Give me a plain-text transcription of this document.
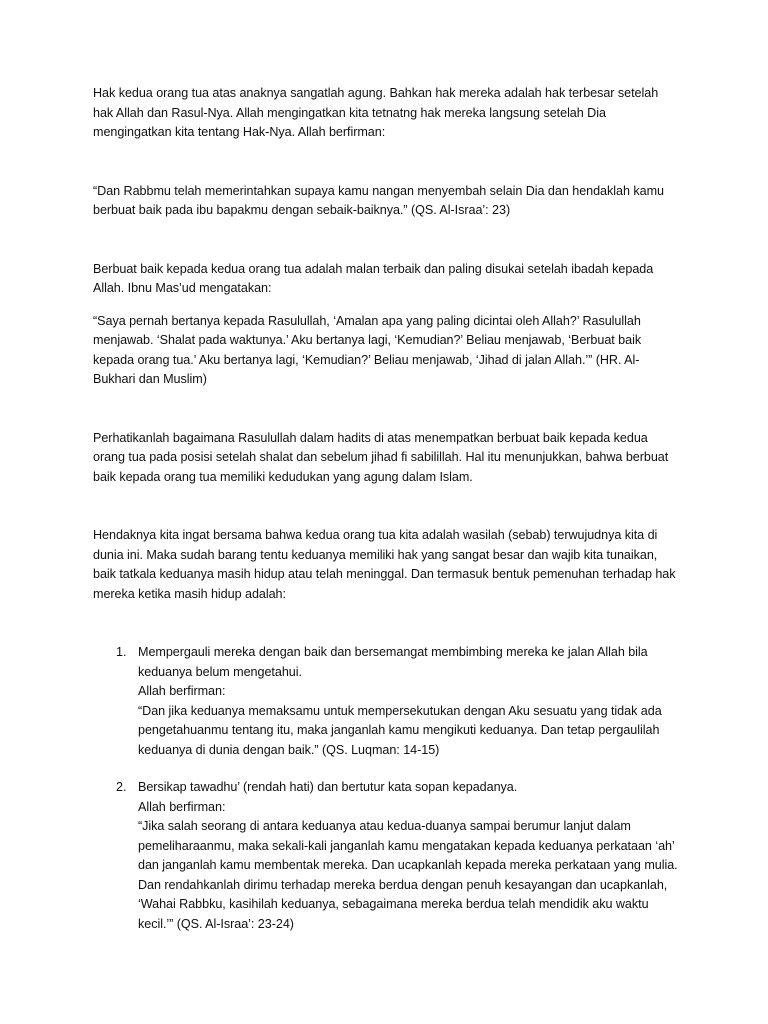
Hak kedua orang tua atas anaknya sangatlah agung. Bahkan hak mereka adalah hak terbesar setelah hak Allah dan Rasul-Nya. Allah mengingatkan kita tetnatng hak mereka langsung setelah Dia mengingatkan kita tentang Hak-Nya. Allah berfirman:

“Dan Rabbmu telah memerintahkan supaya kamu nangan menyembah selain Dia dan hendaklah kamu berbuat baik pada ibu bapakmu dengan sebaik-baiknya.” (QS. Al-Israa’: 23)

Berbuat baik kepada kedua orang tua adalah malan terbaik dan paling disukai setelah ibadah kepada Allah. Ibnu Mas’ud mengatakan:

“Saya pernah bertanya kepada Rasulullah, ‘Amalan apa yang paling dicintai oleh Allah?’ Rasulullah menjawab. ‘Shalat pada waktunya.’ Aku bertanya lagi, ‘Kemudian?’ Beliau menjawab, ‘Berbuat baik kepada orang tua.’ Aku bertanya lagi, ‘Kemudian?’ Beliau menjawab, ‘Jihad di jalan Allah.’” (HR. Al-Bukhari dan Muslim)

Perhatikanlah bagaimana Rasulullah dalam hadits di atas menempatkan berbuat baik kepada kedua orang tua pada posisi setelah shalat dan sebelum jihad fi sabilillah. Hal itu menunjukkan, bahwa berbuat baik kepada orang tua memiliki kedudukan yang agung dalam Islam.

Hendaknya kita ingat bersama bahwa kedua orang tua kita adalah wasilah (sebab) terwujudnya kita di dunia ini. Maka sudah barang tentu keduanya memiliki hak yang sangat besar dan wajib kita tunaikan, baik tatkala keduanya masih hidup atau telah meninggal. Dan termasuk bentuk pemenuhan terhadap hak mereka ketika masih hidup adalah:

1. Mempergauli mereka dengan baik dan bersemangat membimbing mereka ke jalan Allah bila keduanya belum mengetahui.
Allah berfirman:
“Dan jika keduanya memaksamu untuk mempersekutukan dengan Aku sesuatu yang tidak ada pengetahuanmu tentang itu, maka janganlah kamu mengikuti keduanya. Dan tetap pergaulilah keduanya di dunia dengan baik.” (QS. Luqman: 14-15)
2. Bersikap tawadhu’ (rendah hati) dan bertutur kata sopan kepadanya.
Allah berfirman:
“Jika salah seorang di antara keduanya atau kedua-duanya sampai berumur lanjut dalam pemeliharaanmu, maka sekali-kali janganlah kamu mengatakan kepada keduanya perkataan ‘ah’ dan janganlah kamu membentak mereka. Dan ucapkanlah kepada mereka perkataan yang mulia. Dan rendahkanlah dirimu terhadap mereka berdua dengan penuh kesayangan dan ucapkanlah, ‘Wahai Rabbku, kasihilah keduanya, sebagaimana mereka berdua telah mendidik aku waktu kecil.’” (QS. Al-Israa’: 23-24)
